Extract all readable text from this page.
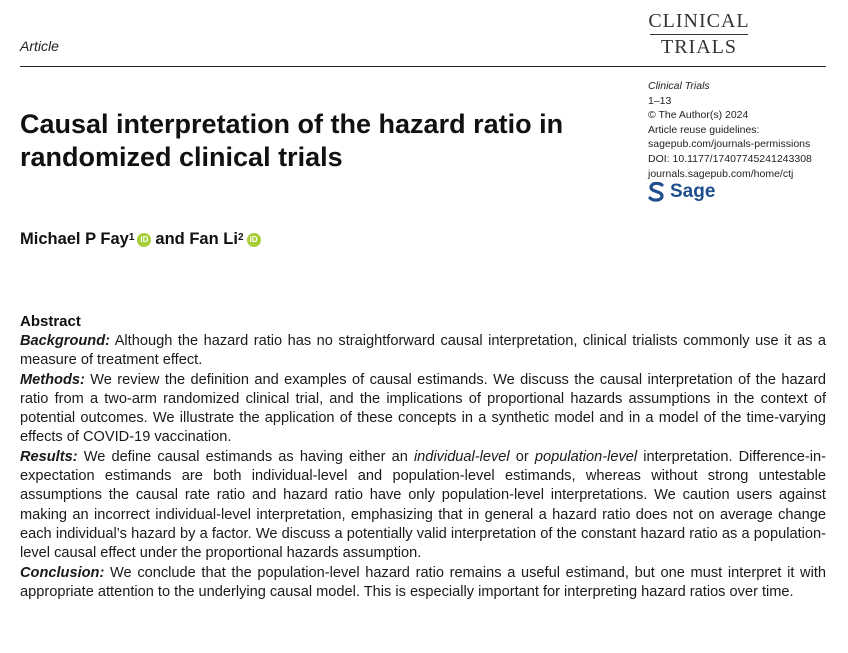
Article
CLINICAL
TRIALS
Causal interpretation of the hazard ratio in randomized clinical trials
Clinical Trials
1–13
© The Author(s) 2024
Article reuse guidelines:
sagepub.com/journals-permissions
DOI: 10.1177/17407745241243308
journals.sagepub.com/home/ctj
Sage
Michael P Fay$^1$ iD and
Fan Li$^2$ iD
Abstract

Background: Although the hazard ratio has no straightforward causal interpretation, clinical trialists commonly use it as a measure of treatment effect.

Methods: We review the definition and examples of causal estimands. We discuss the causal interpretation of the hazard ratio from a two-arm randomized clinical trial, and the implications of proportional hazards assumptions in the context of potential outcomes. We illustrate the application of these concepts in a synthetic model and in a model of the time-varying effects of COVID-19 vaccination.

Results: We define causal estimands as having either an individual-level or population-level interpretation. Difference-in-expectation estimands are both individual-level and population-level estimands, whereas without strong untestable assumptions the causal rate ratio and hazard ratio have only population-level interpretations. We caution users against making an incorrect individual-level interpretation, emphasizing that in general a hazard ratio does not on average change each individual’s hazard by a factor. We discuss a potentially valid interpretation of the constant hazard ratio as a population-level causal effect under the proportional hazards assumption.

Conclusion: We conclude that the population-level hazard ratio remains a useful estimand, but one must interpret it with appropriate attention to the underlying causal model. This is especially important for interpreting hazard ratios over time.
